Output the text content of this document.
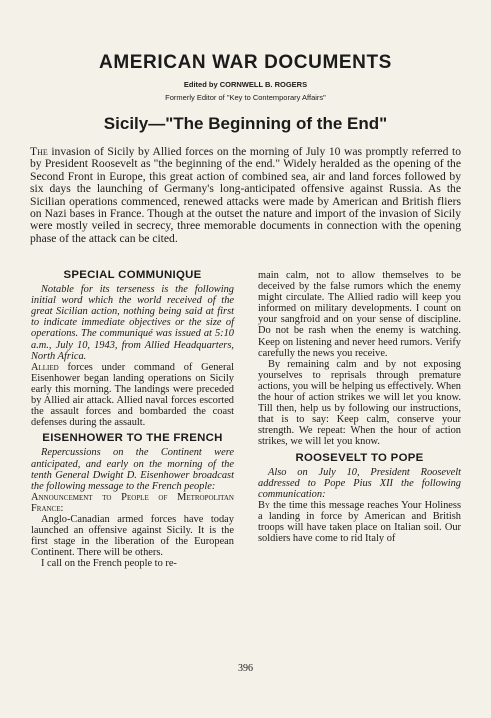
AMERICAN WAR DOCUMENTS
Edited by CORNWELL B. ROGERS
Formerly Editor of "Key to Contemporary Affairs"
Sicily—"The Beginning of the End"

The invasion of Sicily by Allied forces on the morning of July 10 was promptly referred to by President Roosevelt as "the beginning of the end." Widely heralded as the opening of the Second Front in Europe, this great action of combined sea, air and land forces followed by six days the launching of Germany's long-anticipated offensive against Russia. As the Sicilian operations commenced, renewed attacks were made by American and British fliers on Nazi bases in France. Though at the outset the nature and import of the invasion of Sicily were mostly veiled in secrecy, three memorable documents in connection with the opening phase of the attack can be cited.

SPECIAL COMMUNIQUE

Notable for its terseness is the following initial word which the world received of the great Sicilian action, nothing being said at first to indicate immediate objectives or the size of operations. The communiqué was issued at 5:10 a.m., July 10, 1943, from Allied Headquarters, North Africa.

Allied forces under command of General Eisenhower began landing operations on Sicily early this morning. The landings were preceded by Allied air attack. Allied naval forces escorted the assault forces and bombarded the coast defenses during the assault.

EISENHOWER TO THE FRENCH

Repercussions on the Continent were anticipated, and early on the morning of the tenth General Dwight D. Eisenhower broadcast the following message to the French people:

Announcement to People of Metropolitan France:

Anglo-Canadian armed forces have today launched an offensive against Sicily. It is the first stage in the liberation of the European Continent. There will be others.

I call on the French people to re-

main calm, not to allow themselves to be deceived by the false rumors which the enemy might circulate. The Allied radio will keep you informed on military developments. I count on your sangfroid and on your sense of discipline. Do not be rash when the enemy is watching. Keep on listening and never heed rumors. Verify carefully the news you receive.

By remaining calm and by not exposing yourselves to reprisals through premature actions, you will be helping us effectively. When the hour of action strikes we will let you know. Till then, help us by following our instructions, that is to say: Keep calm, conserve your strength. We repeat: When the hour of action strikes, we will let you know.

ROOSEVELT TO POPE

Also on July 10, President Roosevelt addressed to Pope Pius XII the following communication:

By the time this message reaches Your Holiness a landing in force by American and British troops will have taken place on Italian soil. Our soldiers have come to rid Italy of

396
